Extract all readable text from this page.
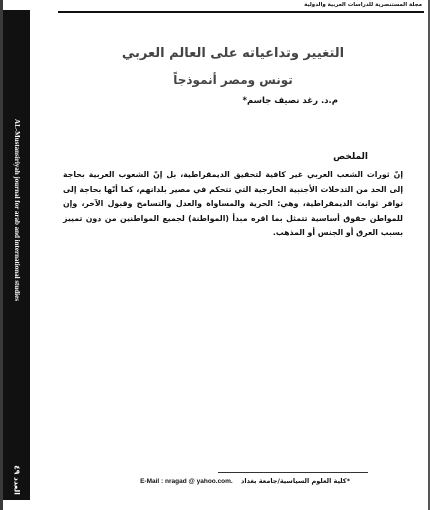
مجلة المستنصرية للدراسات العربية والدولية
AL-Mustansiriyah journal for arab and international studies
العدد ٤٩
التغيير وتداعياته على العالم العربي
تونس ومصر أنموذجاً
م.د. رغد نصيف جاسم*
الملخص
إنّ ثورات الشعب العربي غير كافية لتحقيق الديمقراطية، بل إنّ الشعوب العربية بحاجة إلى الحد من التدخلات الأجنبية الخارجية التي تتحكم في مصير بلدانهم، كما أنّها بحاجة إلى توافر ثوابت الديمقراطية، وهي: الحرية والمساواة والعدل والتسامح وقبول الآخر، وإن للمواطن حقوق أساسية تتمثل بما اقره مبدأ (المواطنة) لجميع المواطنين من دون تمييز بسبب العرق أو الجنس أو المذهب.
E-Mail : nragad @ yahoo.com. *كلية العلوم السياسية/جامعة بغداد
